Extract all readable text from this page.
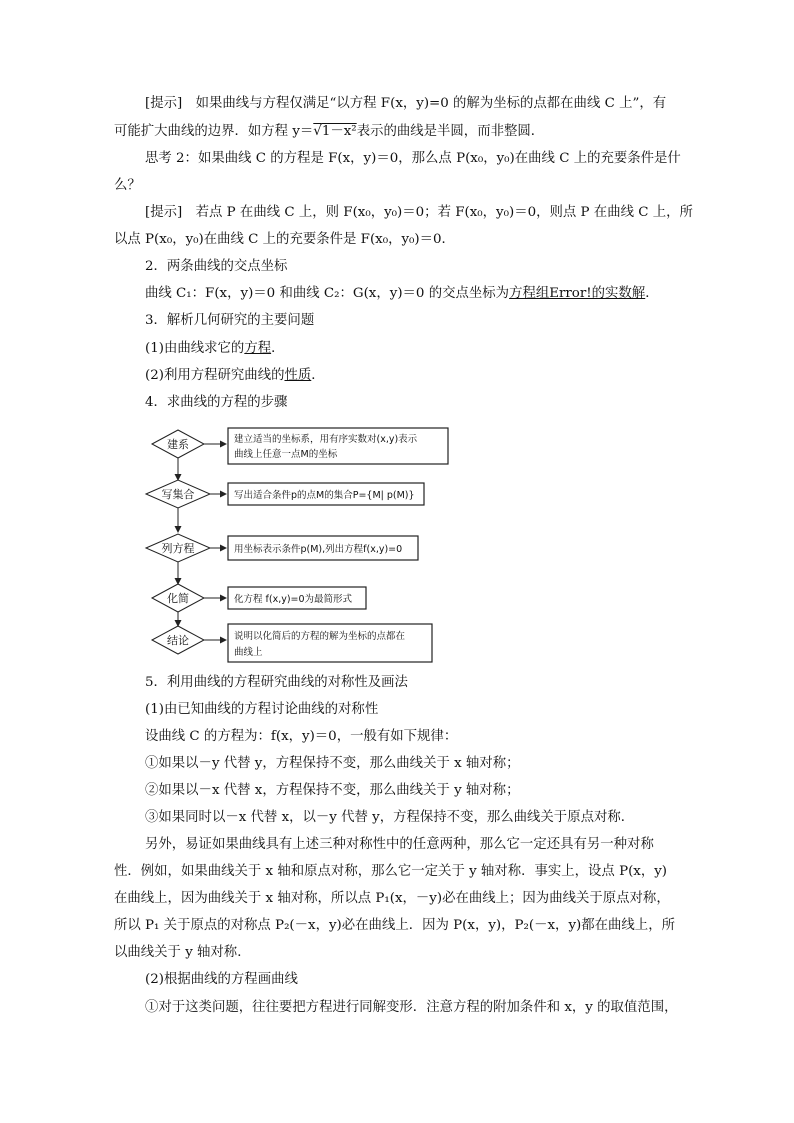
[提示]　如果曲线与方程仅满足“以方程 F(x，y)=0 的解为坐标的点都在曲线 C 上”，有
可能扩大曲线的边界．如方程 y＝√1－x²表示的曲线是半圆，而非整圆．
思考 2：如果曲线 C 的方程是 F(x，y)＝0，那么点 P(x₀，y₀)在曲线 C 上的充要条件是什
么？
[提示]　若点 P 在曲线 C 上，则 F(x₀，y₀)＝0；若 F(x₀，y₀)＝0，则点 P 在曲线 C 上，所
以点 P(x₀，y₀)在曲线 C 上的充要条件是 F(x₀，y₀)＝0．
2．两条曲线的交点坐标
曲线 C₁：F(x，y)＝0 和曲线 C₂：G(x，y)＝0 的交点坐标为方程组Error!的实数解．
3．解析几何研究的主要问题
(1)由曲线求它的方程．
(2)利用方程研究曲线的性质．
4．求曲线的方程的步骤
建系	建立适当的坐标系，用有序实数对(x,y)表示
曲线上任意一点M的坐标
写集合	写出适合条件p的点M的集合P={M| p(M)}
列方程	用坐标表示条件p(M),列出方程f(x,y)=0
化简	化方程 f(x,y)=0为最简形式
结论	说明以化简后的方程的解为坐标的点都在
曲线上
5．利用曲线的方程研究曲线的对称性及画法
(1)由已知曲线的方程讨论曲线的对称性
设曲线 C 的方程为：f(x，y)＝0，一般有如下规律：
①如果以－y 代替 y，方程保持不变，那么曲线关于 x 轴对称；
②如果以－x 代替 x，方程保持不变，那么曲线关于 y 轴对称；
③如果同时以－x 代替 x，以－y 代替 y，方程保持不变，那么曲线关于原点对称．
另外，易证如果曲线具有上述三种对称性中的任意两种，那么它一定还具有另一种对称
性．例如，如果曲线关于 x 轴和原点对称，那么它一定关于 y 轴对称．事实上，设点 P(x，y)
在曲线上，因为曲线关于 x 轴对称，所以点 P₁(x，－y)必在曲线上；因为曲线关于原点对称，
所以 P₁ 关于原点的对称点 P₂(－x，y)必在曲线上．因为 P(x，y)，P₂(－x，y)都在曲线上，所
以曲线关于 y 轴对称．
(2)根据曲线的方程画曲线
①对于这类问题，往往要把方程进行同解变形．注意方程的附加条件和 x，y 的取值范围，
